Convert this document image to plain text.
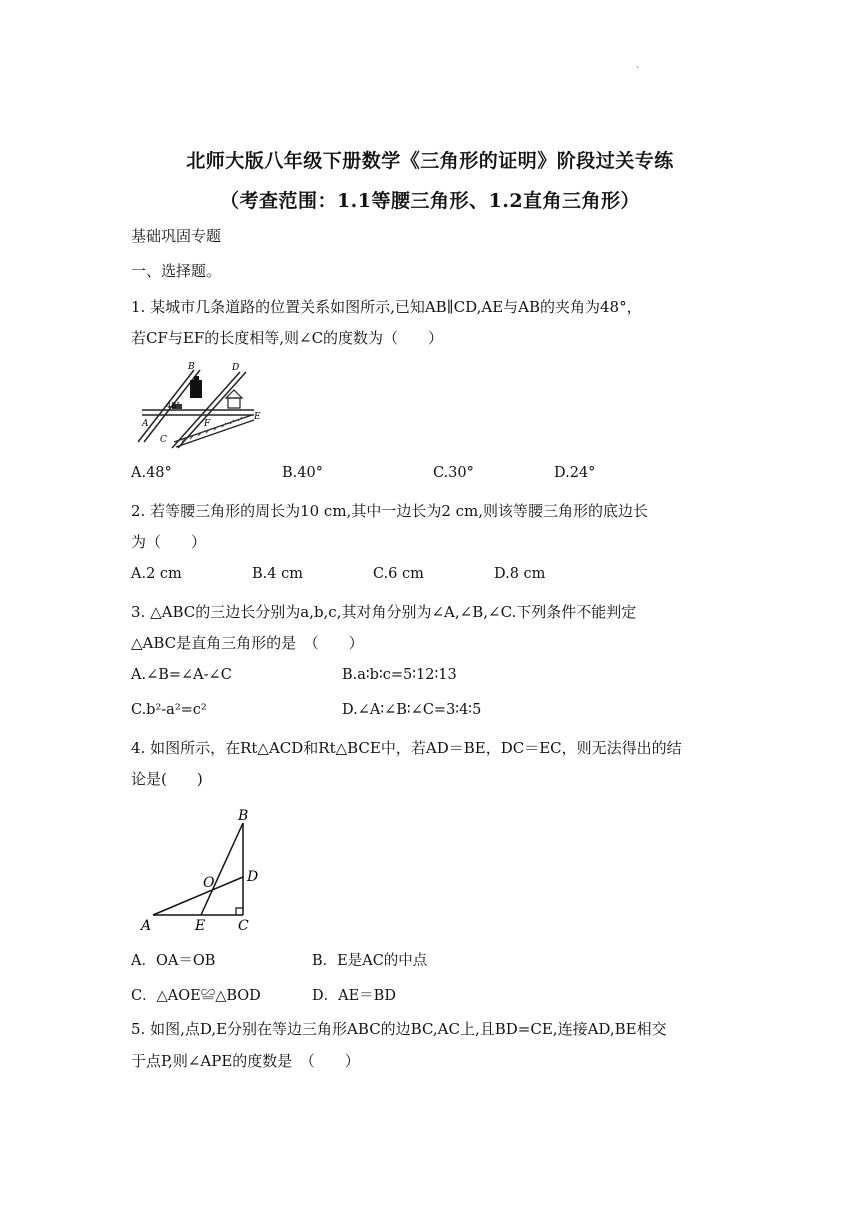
.
北师大版八年级下册数学《三角形的证明》阶段过关专练
（考查范围：1.1等腰三角形、1.2直角三角形）
基础巩固专题
一、选择题。
1. 某城市几条道路的位置关系如图所示,已知AB∥CD,AE与AB的夹角为48°，
若CF与EF的长度相等,则∠C的度数为（　　）
B	D
48°
A	F
E
C
A.48°	B.40°	C.30°	D.24°
2. 若等腰三角形的周长为10 cm,其中一边长为2 cm,则该等腰三角形的底边长
为（　　）
A.2 cm	B.4 cm	C.6 cm	D.8 cm
3. △ABC的三边长分别为a,b,c,其对角分别为∠A,∠B,∠C.下列条件不能判定
△ABC是直角三角形的是　（　　）
A.∠B=∠A-∠C	B.a∶b∶c=5∶12∶13
C.b²-a²=c²	D.∠A∶∠B∶∠C=3∶4∶5
4. 如图所示，在Rt△ACD和Rt△BCE中，若AD＝BE，DC＝EC，则无法得出的结
论是(　　)
B
D
O
A	E C
A．OA＝OB	B．E是AC的中点
C．△AOE≌△BOD	D．AE＝BD
5. 如图,点D,E分别在等边三角形ABC的边BC,AC上,且BD=CE,连接AD,BE相交
于点P,则∠APE的度数是　（　　）
